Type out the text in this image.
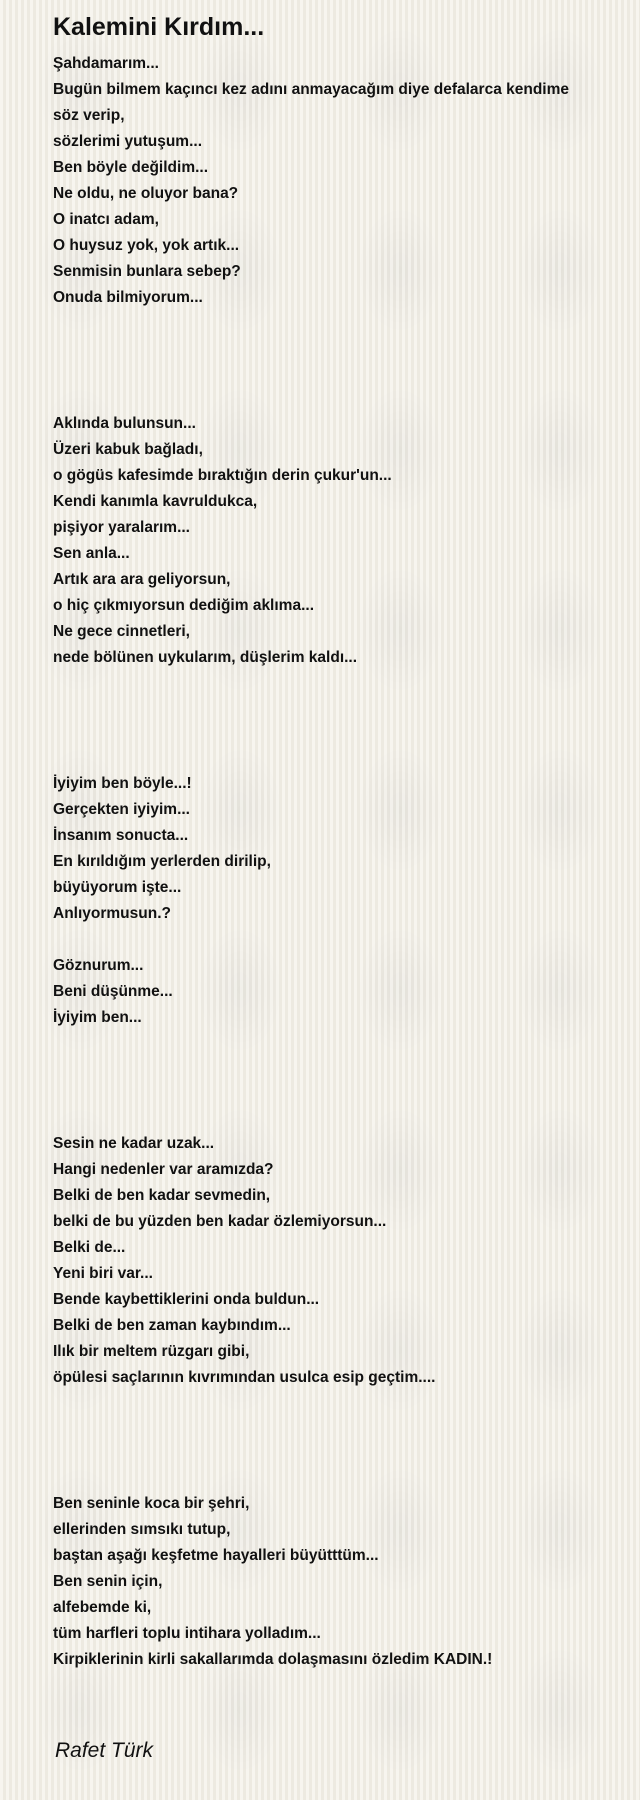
Kalemini Kırdım...
Şahdamarım...
Bugün bilmem kaçıncı kez adını anmayacağım diye defalarca kendime
söz verip,
sözlerimi yutuşum...
Ben böyle değildim...
Ne oldu, ne oluyor bana?
O inatcı adam,
O huysuz yok, yok artık...
Senmisin bunlara sebep?
Onuda bilmiyorum...
Aklında bulunsun...
Üzeri kabuk bağladı,
o gögüs kafesimde bıraktığın derin çukur'un...
Kendi kanımla kavruldukca,
pişiyor yaralarım...
Sen anla...
Artık ara ara geliyorsun,
o hiç çıkmıyorsun dediğim aklıma...
Ne gece cinnetleri,
nede bölünen uykularım, düşlerim kaldı...
İyiyim ben böyle...!
Gerçekten iyiyim...
İnsanım sonucta...
En kırıldığım yerlerden dirilip,
büyüyorum işte...
Anlıyormusun.?
Göznurum...
Beni düşünme...
İyiyim ben...
Sesin ne kadar uzak...
Hangi nedenler var aramızda?
Belki de ben kadar sevmedin,
belki de bu yüzden ben kadar özlemiyorsun...
Belki de...
Yeni biri var...
Bende kaybettiklerini onda buldun...
Belki de ben zaman kaybındım...
Ilık bir meltem rüzgarı gibi,
öpülesi saçlarının kıvrımından usulca esip geçtim....
Ben seninle koca bir şehri,
ellerinden sımsıkı tutup,
baştan aşağı keşfetme hayalleri büyütttüm...
Ben senin için,
alfebemde ki,
tüm harfleri toplu intihara yolladım...
Kirpiklerinin kirli sakallarımda dolaşmasını özledim KADIN.!
Rafet Türk
